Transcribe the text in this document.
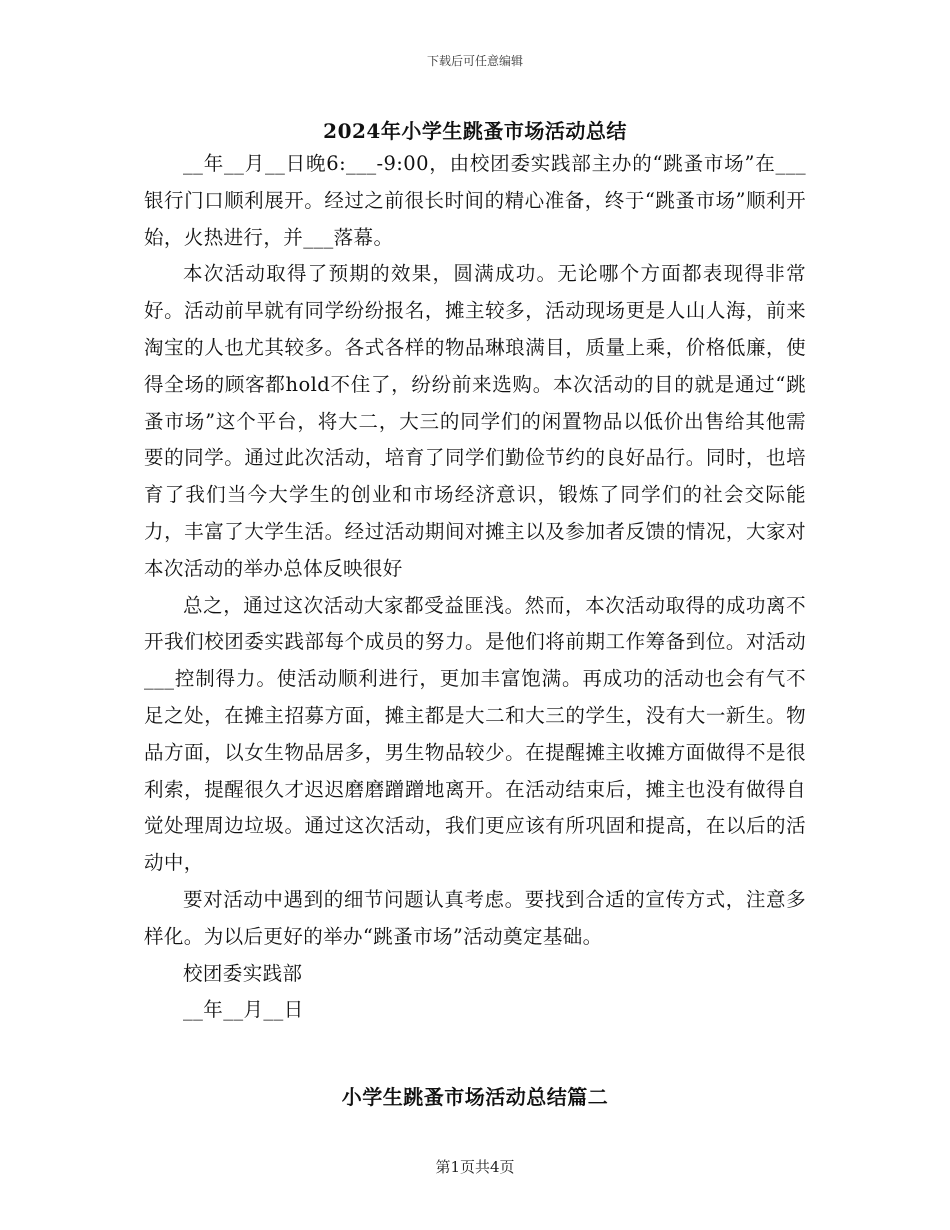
下载后可任意编辑
2024年小学生跳蚤市场活动总结

__年__月__日晚6:___-9:00，由校团委实践部主办的“跳蚤市场”在___银行门口顺利展开。经过之前很长时间的精心准备，终于“跳蚤市场”顺利开始，火热进行，并___落幕。

本次活动取得了预期的效果，圆满成功。无论哪个方面都表现得非常好。活动前早就有同学纷纷报名，摊主较多，活动现场更是人山人海，前来淘宝的人也尤其较多。各式各样的物品琳琅满目，质量上乘，价格低廉，使得全场的顾客都hold不住了，纷纷前来选购。本次活动的目的就是通过“跳蚤市场”这个平台，将大二，大三的同学们的闲置物品以低价出售给其他需要的同学。通过此次活动，培育了同学们勤俭节约的良好品行。同时，也培育了我们当今大学生的创业和市场经济意识，锻炼了同学们的社会交际能力，丰富了大学生活。经过活动期间对摊主以及参加者反馈的情况，大家对本次活动的举办总体反映很好

总之，通过这次活动大家都受益匪浅。然而，本次活动取得的成功离不开我们校团委实践部每个成员的努力。是他们将前期工作筹备到位。对活动___控制得力。使活动顺利进行，更加丰富饱满。再成功的活动也会有气不足之处，在摊主招募方面，摊主都是大二和大三的学生，没有大一新生。物品方面，以女生物品居多，男生物品较少。在提醒摊主收摊方面做得不是很利索，提醒很久才迟迟磨磨蹭蹭地离开。在活动结束后，摊主也没有做得自觉处理周边垃圾。通过这次活动，我们更应该有所巩固和提高，在以后的活动中，

要对活动中遇到的细节问题认真考虑。要找到合适的宣传方式，注意多样化。为以后更好的举办“跳蚤市场”活动奠定基础。

校团委实践部

__年__月__日

小学生跳蚤市场活动总结篇二
第1页共4页
